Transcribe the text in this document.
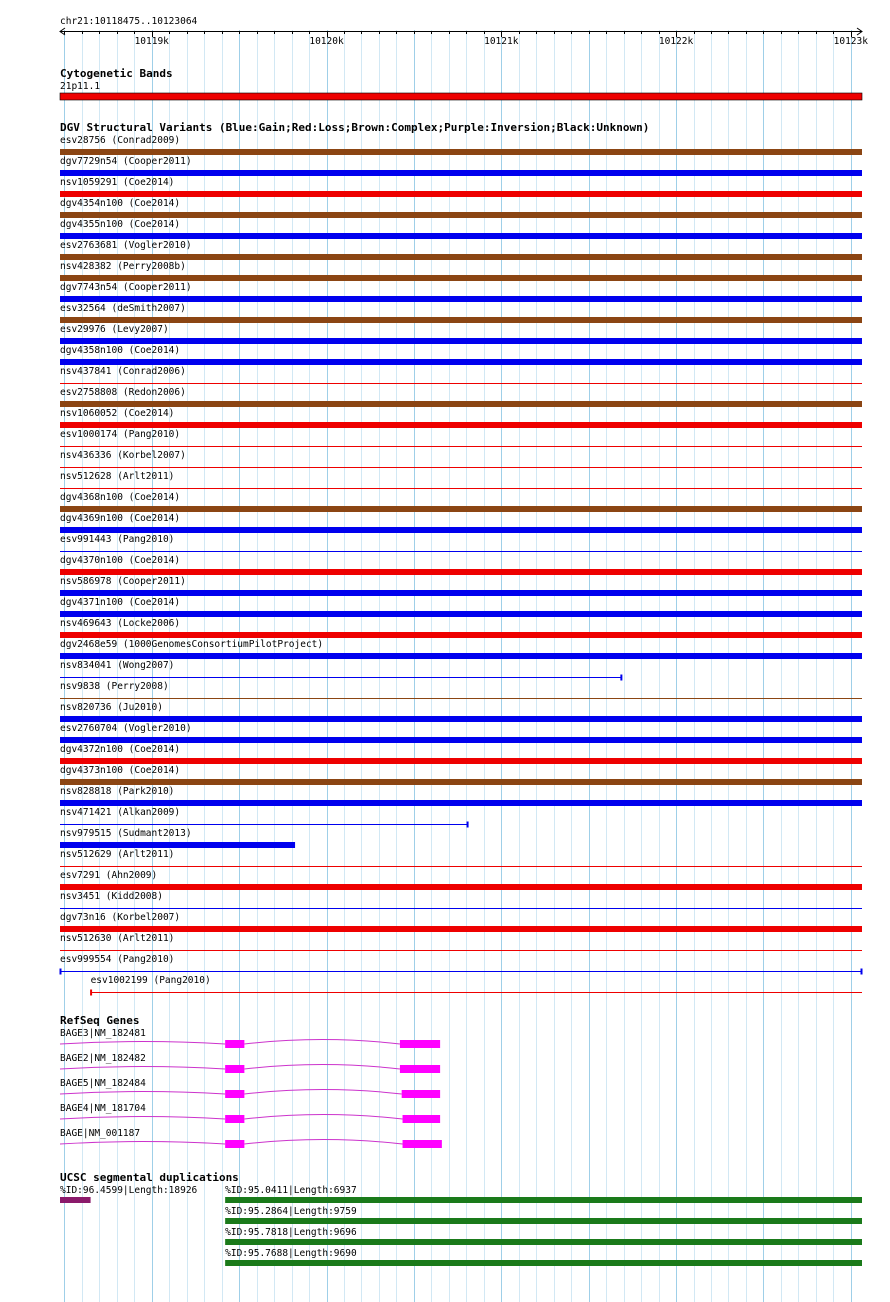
chr21:10118475..10123064
10119k	10120k	10121k	10122k	10123k
Cytogenetic Bands
21p11.1
DGV Structural Variants (Blue:Gain;Red:Loss;Brown:Complex;Purple:Inversion;Black:Unknown)
esv28756 (Conrad2009)
dgv7729n54 (Cooper2011)
nsv1059291 (Coe2014)
dgv4354n100 (Coe2014)
dgv4355n100 (Coe2014)
esv2763681 (Vogler2010)
nsv428382 (Perry2008b)
dgv7743n54 (Cooper2011)
esv32564 (deSmith2007)
esv29976 (Levy2007)
dgv4358n100 (Coe2014)
nsv437841 (Conrad2006)
esv2758808 (Redon2006)
nsv1060052 (Coe2014)
esv1000174 (Pang2010)
nsv436336 (Korbel2007)
nsv512628 (Arlt2011)
dgv4368n100 (Coe2014)
dgv4369n100 (Coe2014)
esv991443 (Pang2010)
dgv4370n100 (Coe2014)
nsv586978 (Cooper2011)
dgv4371n100 (Coe2014)
nsv469643 (Locke2006)
dgv2468e59 (1000GenomesConsortiumPilotProject)
nsv834041 (Wong2007)
nsv9838 (Perry2008)
nsv820736 (Ju2010)
esv2760704 (Vogler2010)
dgv4372n100 (Coe2014)
dgv4373n100 (Coe2014)
nsv828818 (Park2010)
nsv471421 (Alkan2009)
nsv979515 (Sudmant2013)
nsv512629 (Arlt2011)
esv7291 (Ahn2009)
nsv3451 (Kidd2008)
dgv73n16 (Korbel2007)
nsv512630 (Arlt2011)
esv999554 (Pang2010)
esv1002199 (Pang2010)
RefSeq Genes
BAGE3|NM_182481
BAGE2|NM_182482
BAGE5|NM_182484
BAGE4|NM_181704
BAGE|NM_001187
UCSC segmental duplications
%ID:96.4599|Length:18926	%ID:95.0411|Length:6937
%ID:95.2864|Length:9759
%ID:95.7818|Length:9696
%ID:95.7688|Length:9690
